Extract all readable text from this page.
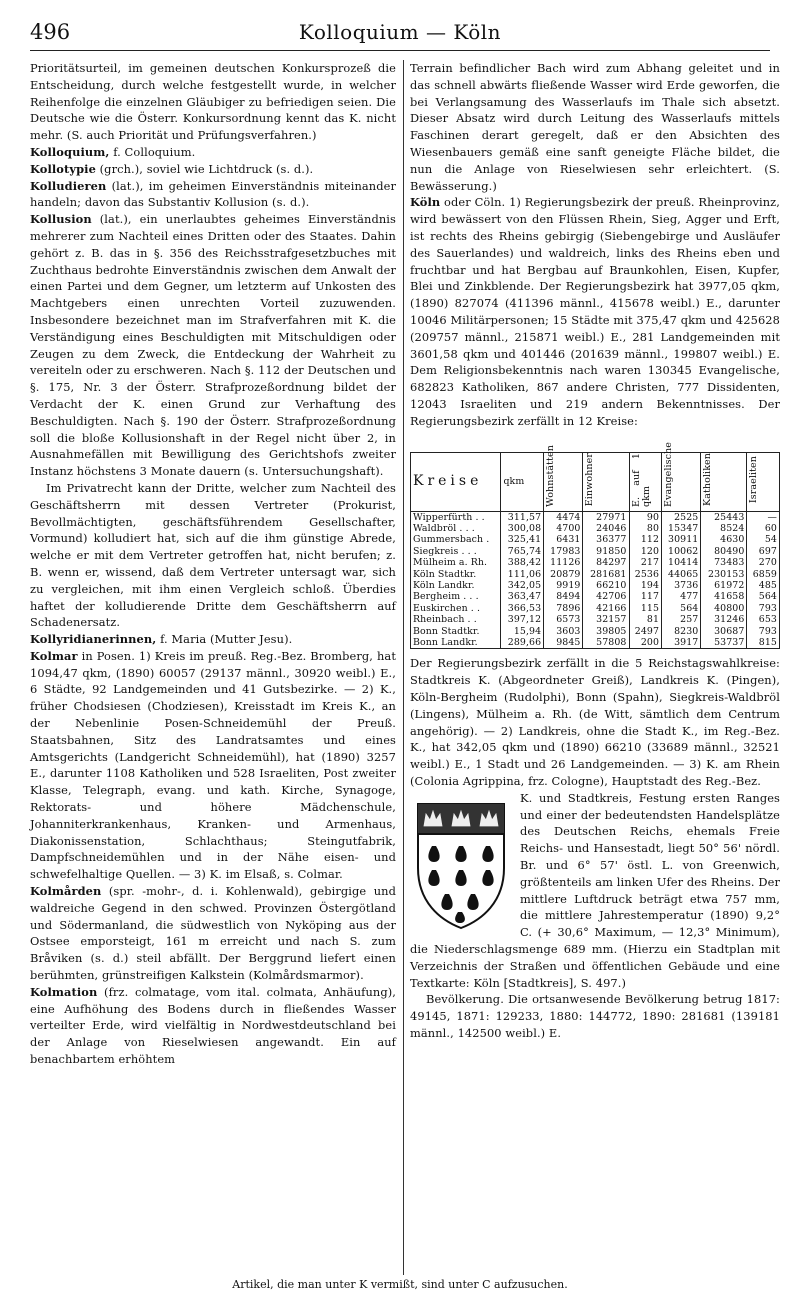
496	Kolloquium — Köln

Prioritätsurteil, im gemeinen deutschen Konkursprozeß die Entscheidung, durch welche festgestellt wurde, in welcher Reihenfolge die einzelnen Gläubiger zu befriedigen seien. Die Deutsche wie die Österr. Konkursordnung kennt das K. nicht mehr. (S. auch Priorität und Prüfungsverfahren.)

Kolloquium, f. Colloquium.

Kollotypie (grch.), soviel wie Lichtdruck (s. d.).

Kolludieren (lat.), im geheimen Einverständnis miteinander handeln; davon das Substantiv Kollusion (s. d.).

Kollusion (lat.), ein unerlaubtes geheimes Einverständnis mehrerer zum Nachteil eines Dritten oder des Staates. Dahin gehört z. B. das in §. 356 des Reichsstrafgesetzbuches mit Zuchthaus bedrohte Einverständnis zwischen dem Anwalt der einen Partei und dem Gegner, um letzterm auf Unkosten des Machtgebers einen unrechten Vorteil zuzuwenden. Insbesondere bezeichnet man im Strafverfahren mit K. die Verständigung eines Beschuldigten mit Mitschuldigen oder Zeugen zu dem Zweck, die Entdeckung der Wahrheit zu vereiteln oder zu erschweren. Nach §. 112 der Deutschen und §. 175, Nr. 3 der Österr. Strafprozeßordnung bildet der Verdacht der K. einen Grund zur Verhaftung des Beschuldigten. Nach §. 190 der Österr. Strafprozeßordnung soll die bloße Kollusionshaft in der Regel nicht über 2, in Ausnahmefällen mit Bewilligung des Gerichtshofs zweiter Instanz höchstens 3 Monate dauern (s. Untersuchungshaft).

Im Privatrecht kann der Dritte, welcher zum Nachteil des Geschäftsherrn mit dessen Vertreter (Prokurist, Bevollmächtigten, geschäftsführendem Gesellschafter, Vormund) kolludiert hat, sich auf die ihm günstige Abrede, welche er mit dem Vertreter getroffen hat, nicht berufen; z. B. wenn er, wissend, daß dem Vertreter untersagt war, sich zu vergleichen, mit ihm einen Vergleich schloß. Überdies haftet der kolludierende Dritte dem Geschäftsherrn auf Schadenersatz.

Kollyridianerinnen, f. Maria (Mutter Jesu).

Kolmar in Posen. 1) Kreis im preuß. Reg.-Bez. Bromberg, hat 1094,47 qkm, (1890) 60057 (29137 männl., 30920 weibl.) E., 6 Städte, 92 Landgemeinden und 41 Gutsbezirke. — 2) K., früher Chodsiesen (Chodziesen), Kreisstadt im Kreis K., an der Nebenlinie Posen-Schneidemühl der Preuß. Staatsbahnen, Sitz des Landratsamtes und eines Amtsgerichts (Landgericht Schneidemühl), hat (1890) 3257 E., darunter 1108 Katholiken und 528 Israeliten, Post zweiter Klasse, Telegraph, evang. und kath. Kirche, Synagoge, Rektorats- und höhere Mädchenschule, Johanniterkrankenhaus, Kranken- und Armenhaus, Diakonissenstation, Schlachthaus; Steingutfabrik, Dampfschneidemühlen und in der Nähe eisen- und schwefelhaltige Quellen. — 3) K. im Elsaß, s. Colmar.

Kolmården (spr. -mohr-, d. i. Kohlenwald), gebirgige und waldreiche Gegend in den schwed. Provinzen Östergötland und Södermanland, die südwestlich von Nyköping aus der Ostsee emporsteigt, 161 m erreicht und nach S. zum Bråviken (s. d.) steil abfällt. Der Berggrund liefert einen berühmten, grünstreifigen Kalkstein (Kolmårdsmarmor).

Kolmation (frz. colmatage, vom ital. colmata, Anhäufung), eine Aufhöhung des Bodens durch in fließendes Wasser verteilter Erde, wird vielfältig in Nordwestdeutschland bei der Anlage von Rieselwiesen angewandt. Ein auf benachbartem erhöhtem

Terrain befindlicher Bach wird zum Abhang geleitet und in das schnell abwärts fließende Wasser wird Erde geworfen, die bei Verlangsamung des Wasserlaufs im Thale sich absetzt. Dieser Absatz wird durch Leitung des Wasserlaufs mittels Faschinen derart geregelt, daß er den Absichten des Wiesenbauers gemäß eine sanft geneigte Fläche bildet, die nun die Anlage von Rieselwiesen sehr erleichtert. (S. Bewässerung.)

Köln oder Cöln. 1) Regierungsbezirk der preuß. Rheinprovinz, wird bewässert von den Flüssen Rhein, Sieg, Agger und Erft, ist rechts des Rheins gebirgig (Siebengebirge und Ausläufer des Sauerlandes) und waldreich, links des Rheins eben und fruchtbar und hat Bergbau auf Braunkohlen, Eisen, Kupfer, Blei und Zinkblende. Der Regierungsbezirk hat 3977,05 qkm, (1890) 827074 (411396 männl., 415678 weibl.) E., darunter 10046 Militärpersonen; 15 Städte mit 375,47 qkm und 425628 (209757 männl., 215871 weibl.) E., 281 Landgemeinden mit 3601,58 qkm und 401446 (201639 männl., 199807 weibl.) E. Dem Religionsbekenntnis nach waren 130345 Evangelische, 682823 Katholiken, 867 andere Christen, 777 Dissidenten, 12043 Israeliten und 219 andern Bekenntnisses. Der Regierungsbezirk zerfällt in 12 Kreise:

Kreise	qkm	Wohnstätten	Einwohner	E. auf 1 qkm	Evangelische	Katholiken	Israeliten
Wipperfürth . .	311,57	4474	27971	90	2525	25443	—
Waldbröl . . .	300,08	4700	24046	80	15347	8524	60
Gummersbach .	325,41	6431	36377	112	30911	4630	54
Siegkreis . . .	765,74	17983	91850	120	10062	80490	697
Mülheim a. Rh.	388,42	11126	84297	217	10414	73483	270
Köln Stadtkr.	111,06	20879	281681	2536	44065	230153	6859
Köln Landkr.	342,05	9919	66210	194	3736	61972	485
Bergheim . . .	363,47	8494	42706	117	477	41658	564
Euskirchen . .	366,53	7896	42166	115	564	40800	793
Rheinbach . .	397,12	6573	32157	81	257	31246	653
Bonn Stadtkr.	15,94	3603	39805	2497	8230	30687	793
Bonn Landkr.	289,66	9845	57808	200	3917	53737	815

Der Regierungsbezirk zerfällt in die 5 Reichstagswahlkreise: Stadtkreis K. (Abgeordneter Greiß), Landkreis K. (Pingen), Köln-Bergheim (Rudolphi), Bonn (Spahn), Siegkreis-Waldbröl (Lingens), Mülheim a. Rh. (de Witt, sämtlich dem Centrum angehörig). — 2) Landkreis, ohne die Stadt K., im Reg.-Bez. K., hat 342,05 qkm und (1890) 66210 (33689 männl., 32521 weibl.) E., 1 Stadt und 26 Landgemeinden. — 3) K. am Rhein (Colonia Agrippina, frz. Cologne), Hauptstadt des Reg.-Bez.

K. und Stadtkreis, Festung ersten Ranges und einer der bedeutendsten Handelsplätze des Deutschen Reichs, ehemals Freie Reichs- und Hansestadt, liegt 50° 56' nördl. Br. und 6° 57' östl. L. von Greenwich, größtenteils am linken Ufer des Rheins. Der mittlere Luftdruck beträgt etwa 757 mm, die mittlere Jahrestemperatur (1890) 9,2° C. (+ 30,6° Maximum, — 12,3° Minimum), die Niederschlagsmenge 689 mm. (Hierzu ein Stadtplan mit Verzeichnis der Straßen und öffentlichen Gebäude und eine Textkarte: Köln [Stadtkreis], S. 497.)

Bevölkerung. Die ortsanwesende Bevölkerung betrug 1817: 49145, 1871: 129233, 1880: 144772, 1890: 281681 (139181 männl., 142500 weibl.) E.

Artikel, die man unter K vermißt, sind unter C aufzusuchen.
